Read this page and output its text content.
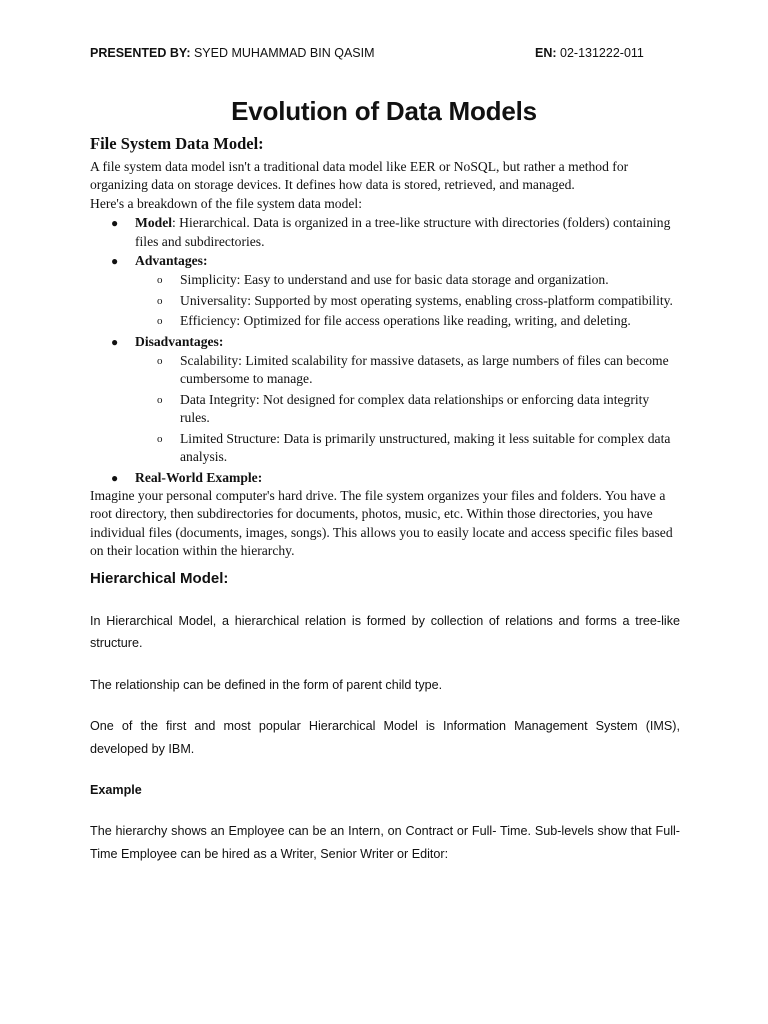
PRESENTED BY: SYED MUHAMMAD BIN QASIM	EN: 02-131222-011
Evolution of Data Models
File System Data Model:

A file system data model isn't a traditional data model like EER or NoSQL, but rather a method for organizing data on storage devices. It defines how data is stored, retrieved, and managed.

Here's a breakdown of the file system data model:

● Model: Hierarchical. Data is organized in a tree-like structure with directories (folders) containing files and subdirectories.
● Advantages:
o Simplicity: Easy to understand and use for basic data storage and organization.
o Universality: Supported by most operating systems, enabling cross-platform compatibility.
o Efficiency: Optimized for file access operations like reading, writing, and deleting.
● Disadvantages:
o Scalability: Limited scalability for massive datasets, as large numbers of files can become cumbersome to manage.
o Data Integrity: Not designed for complex data relationships or enforcing data integrity rules.
o Limited Structure: Data is primarily unstructured, making it less suitable for complex data analysis.
● Real-World Example:

Imagine your personal computer's hard drive. The file system organizes your files and folders. You have a root directory, then subdirectories for documents, photos, music, etc. Within those directories, you have individual files (documents, images, songs). This allows you to easily locate and access specific files based on their location within the hierarchy.

Hierarchical Model:

In Hierarchical Model, a hierarchical relation is formed by collection of relations and forms a tree-like structure.

The relationship can be defined in the form of parent child type.

One of the first and most popular Hierarchical Model is Information Management System (IMS), developed by IBM.

Example

The hierarchy shows an Employee can be an Intern, on Contract or Full- Time. Sub-levels show that Full-Time Employee can be hired as a Writer, Senior Writer or Editor:
